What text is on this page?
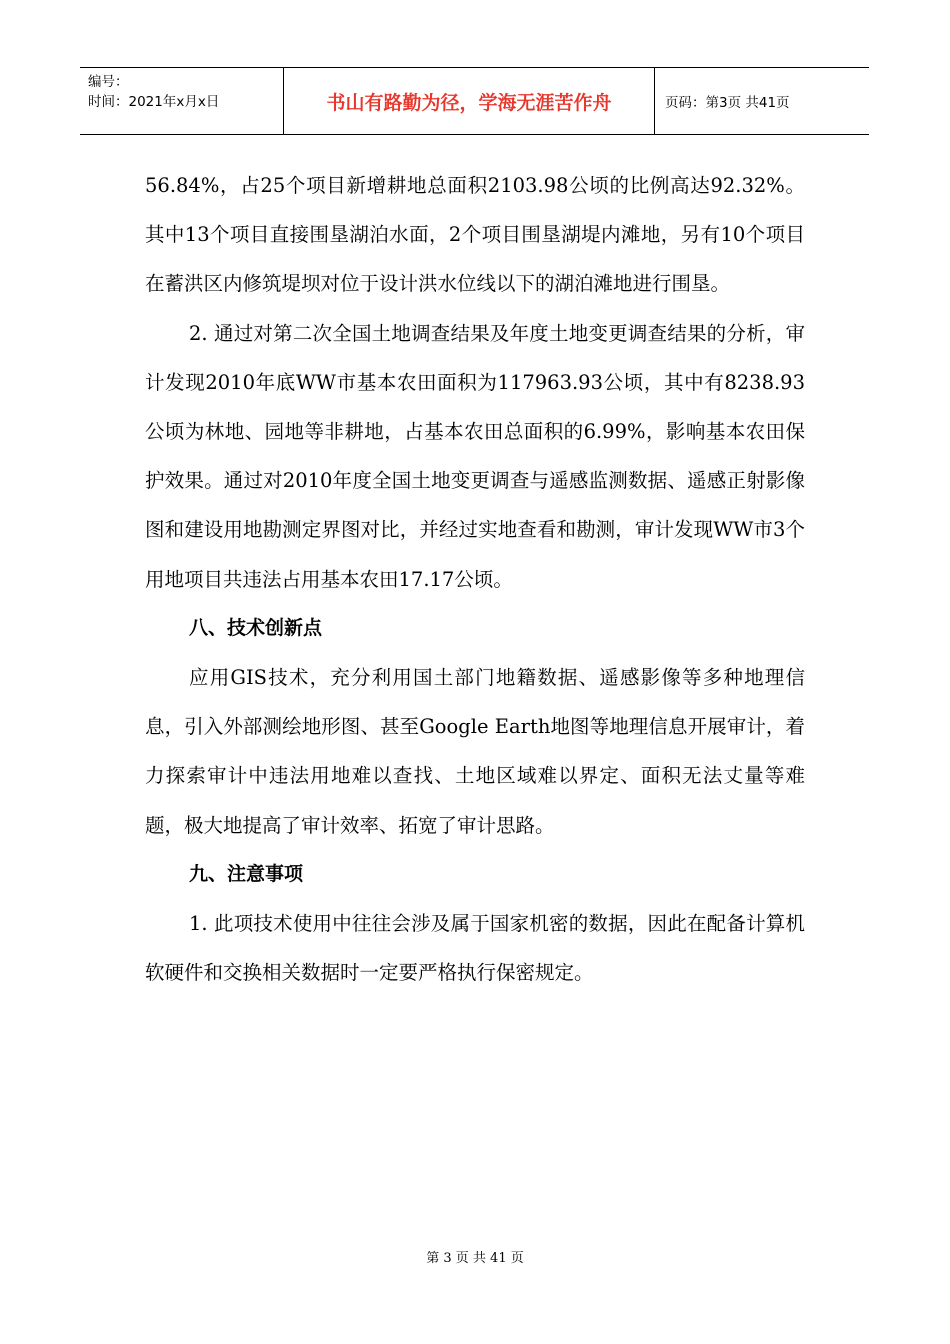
编号：
时间：2021年x月x日	书山有路勤为径，学海无涯苦作舟	页码：第3页 共41页

56.84%，占25个项目新增耕地总面积2103.98公顷的比例高达92.32%。其中13个项目直接围垦湖泊水面，2个项目围垦湖堤内滩地，另有10个项目在蓄洪区内修筑堤坝对位于设计洪水位线以下的湖泊滩地进行围垦。

2. 通过对第二次全国土地调查结果及年度土地变更调查结果的分析，审计发现2010年底WW市基本农田面积为117963.93公顷，其中有8238.93公顷为林地、园地等非耕地，占基本农田总面积的6.99%，影响基本农田保护效果。通过对2010年度全国土地变更调查与遥感监测数据、遥感正射影像图和建设用地勘测定界图对比，并经过实地查看和勘测，审计发现WW市3个用地项目共违法占用基本农田17.17公顷。

八、技术创新点

应用GIS技术，充分利用国土部门地籍数据、遥感影像等多种地理信息，引入外部测绘地形图、甚至Google Earth地图等地理信息开展审计，着力探索审计中违法用地难以查找、土地区域难以界定、面积无法丈量等难题，极大地提高了审计效率、拓宽了审计思路。

九、注意事项

1. 此项技术使用中往往会涉及属于国家机密的数据，因此在配备计算机软硬件和交换相关数据时一定要严格执行保密规定。

第 3 页 共 41 页
